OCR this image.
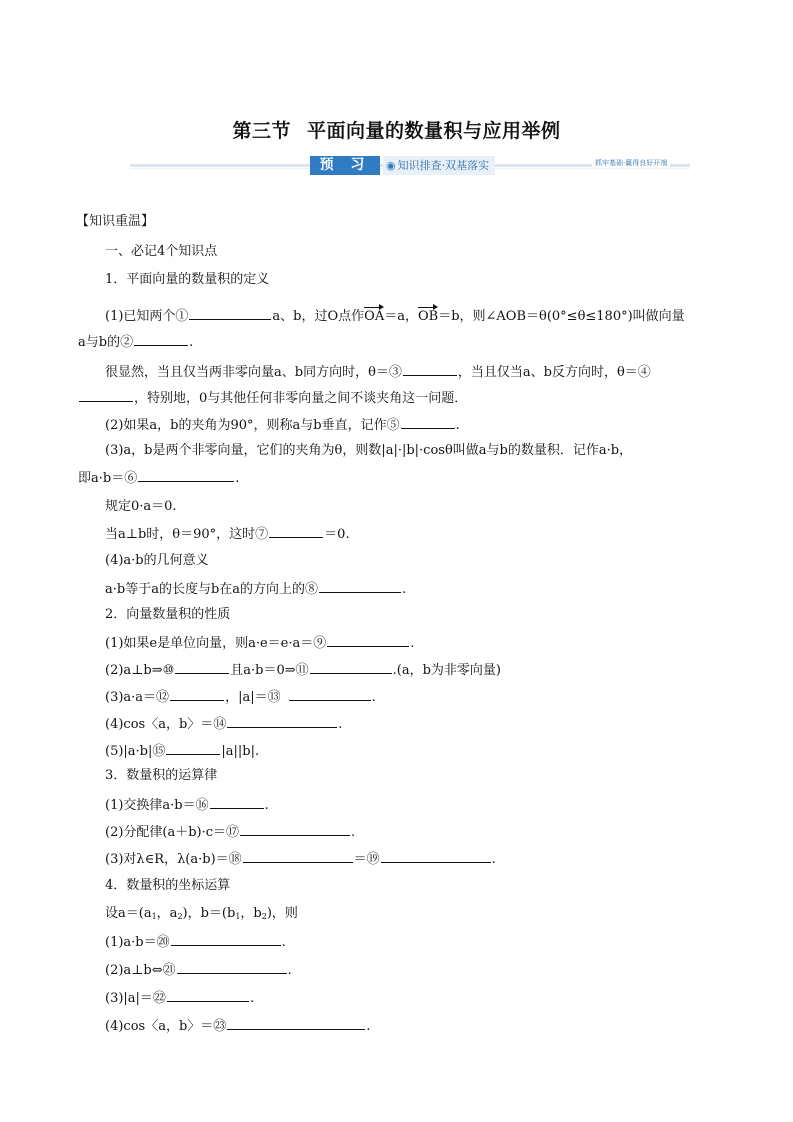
第三节 平面向量的数量积与应用举例
预 习	◉ 知识排查·双基落实	抓牢基础·赢得良好开端
【知识重温】
一、必记4个知识点
1．平面向量的数量积的定义
(1)已知两个①	a、b，过O点作OA＝a，OB＝b，则∠AOB＝θ(0°≤θ≤180°)叫做向量
a与b的②	.
很显然，当且仅当两非零向量a、b同方向时，θ＝③	，当且仅当a、b反方向时，θ＝④
，特别地，0与其他任何非零向量之间不谈夹角这一问题．
(2)如果a，b的夹角为90°，则称a与b垂直，记作⑤	.
(3)a，b是两个非零向量，它们的夹角为θ，则数|a|·|b|·cosθ叫做a与b的数量积．记作a·b，
即a·b＝⑥	.
规定0·a＝0.
当a⊥b时，θ＝90°，这时⑦	＝0.
(4)a·b的几何意义
a·b等于a的长度与b在a的方向上的⑧	.
2．向量数量积的性质
(1)如果e是单位向量，则a·e＝e·a＝⑨	.
(2)a⊥b⇒⑩	且a·b＝0⇒⑪	.(a，b为非零向量)
(3)a·a＝⑫	，|a|＝⑬	.
(4)cos〈a，b〉＝⑭	.
(5)|a·b|⑮	|a||b|.
3．数量积的运算律
(1)交换律a·b＝⑯	.
(2)分配律(a＋b)·c＝⑰	.
(3)对λ∈R，λ(a·b)＝⑱	＝⑲	.
4．数量积的坐标运算
设a＝(a1，a2)，b＝(b1，b2)，则
(1)a·b＝⑳	.
(2)a⊥b⇔㉑	.
(3)|a|＝㉒	.
(4)cos〈a，b〉＝㉓	.
